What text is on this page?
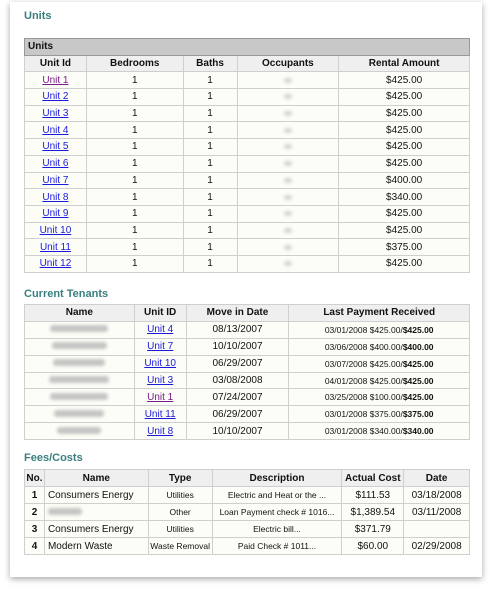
Units
Units				
Unit Id	Bedrooms	Baths	Occupants	Rental Amount
Unit 1	1	1		$425.00
Unit 2	1	1		$425.00
Unit 3	1	1		$425.00
Unit 4	1	1		$425.00
Unit 5	1	1		$425.00
Unit 6	1	1		$425.00
Unit 7	1	1		$400.00
Unit 8	1	1		$340.00
Unit 9	1	1		$425.00
Unit 10	1	1		$425.00
Unit 11	1	1		$375.00
Unit 12	1	1		$425.00
Current Tenants
Name	Unit ID	Move in Date	Last Payment Received
	Unit 4	08/13/2007	03/01/2008 $425.00/$425.00
	Unit 7	10/10/2007	03/06/2008 $400.00/$400.00
	Unit 10	06/29/2007	03/07/2008 $425.00/$425.00
	Unit 3	03/08/2008	04/01/2008 $425.00/$425.00
	Unit 1	07/24/2007	03/25/2008 $100.00/$425.00
	Unit 11	06/29/2007	03/01/2008 $375.00/$375.00
	Unit 8	10/10/2007	03/01/2008 $340.00/$340.00
Fees/Costs
No.	Name	Type	Description	Actual Cost	Date
1	Consumers Energy	Utilities	Electric and Heat or the ...	$111.53	03/18/2008
2		Other	Loan Payment check # 1016...	$1,389.54	03/11/2008
3	Consumers Energy	Utilities	Electric bill...	$371.79	
4	Modern Waste	Waste Removal	Paid Check # 1011...	$60.00	02/29/2008
